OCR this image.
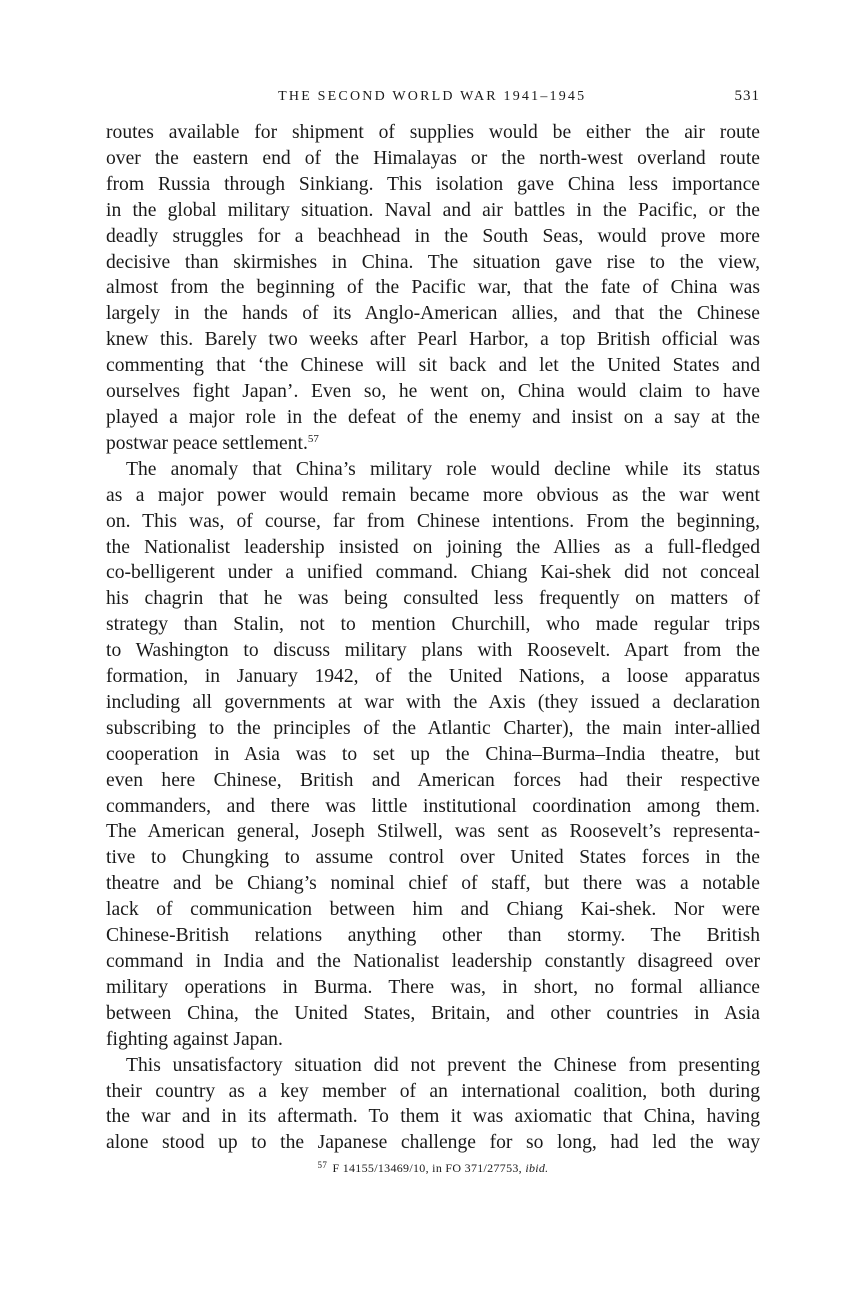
THE SECOND WORLD WAR 1941–1945	531

routes available for shipment of supplies would be either the air route
over the eastern end of the Himalayas or the north-west overland route
from Russia through Sinkiang. This isolation gave China less importance
in the global military situation. Naval and air battles in the Pacific, or the
deadly struggles for a beachhead in the South Seas, would prove more
decisive than skirmishes in China. The situation gave rise to the view,
almost from the beginning of the Pacific war, that the fate of China was
largely in the hands of its Anglo-American allies, and that the Chinese
knew this. Barely two weeks after Pearl Harbor, a top British official was
commenting that ‘the Chinese will sit back and let the United States and
ourselves fight Japan’. Even so, he went on, China would claim to have
played a major role in the defeat of the enemy and insist on a say at the
postwar peace settlement.$^{57}$

The anomaly that China’s military role would decline while its status
as a major power would remain became more obvious as the war went
on. This was, of course, far from Chinese intentions. From the beginning,
the Nationalist leadership insisted on joining the Allies as a full-fledged
co-belligerent under a unified command. Chiang Kai-shek did not conceal
his chagrin that he was being consulted less frequently on matters of
strategy than Stalin, not to mention Churchill, who made regular trips
to Washington to discuss military plans with Roosevelt. Apart from the
formation, in January 1942, of the United Nations, a loose apparatus
including all governments at war with the Axis (they issued a declaration
subscribing to the principles of the Atlantic Charter), the main inter-allied
cooperation in Asia was to set up the China–Burma–India theatre, but
even here Chinese, British and American forces had their respective
commanders, and there was little institutional coordination among them.
The American general, Joseph Stilwell, was sent as Roosevelt’s representa-
tive to Chungking to assume control over United States forces in the
theatre and be Chiang’s nominal chief of staff, but there was a notable
lack of communication between him and Chiang Kai-shek. Nor were
Chinese-British relations anything other than stormy. The British
command in India and the Nationalist leadership constantly disagreed over
military operations in Burma. There was, in short, no formal alliance
between China, the United States, Britain, and other countries in Asia
fighting against Japan.

This unsatisfactory situation did not prevent the Chinese from presenting
their country as a key member of an international coalition, both during
the war and in its aftermath. To them it was axiomatic that China, having
alone stood up to the Japanese challenge for so long, had led the way

$^{57}$ F 14155/13469/10, in FO 371/27753, ibid.
